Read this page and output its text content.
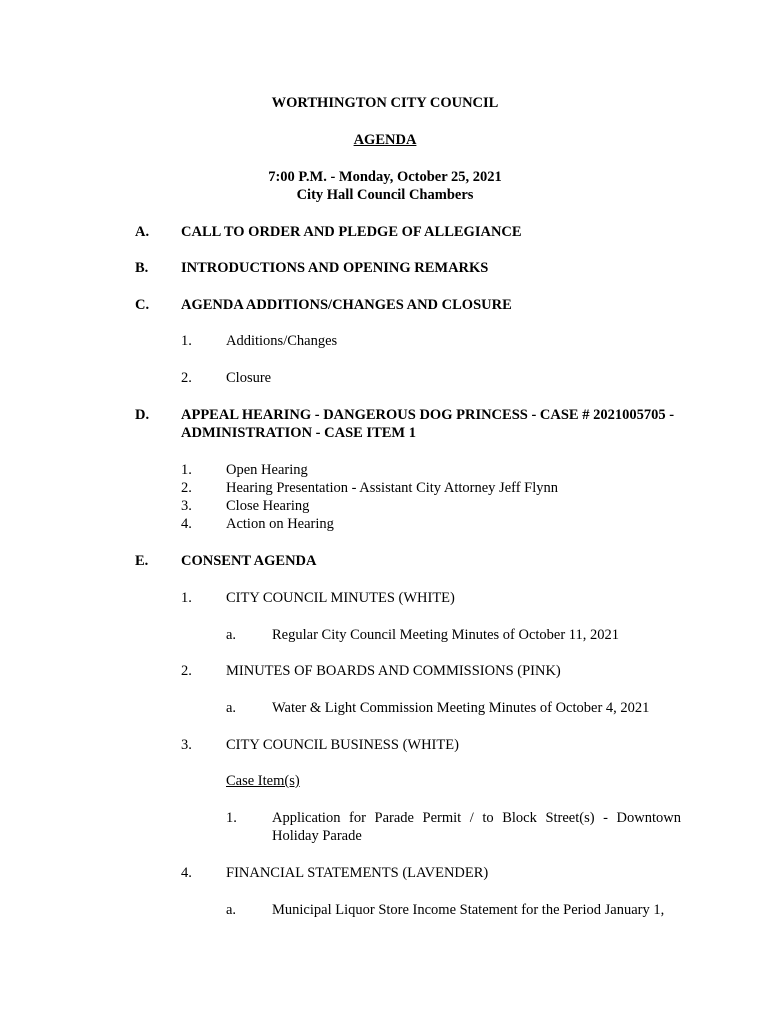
WORTHINGTON CITY COUNCIL
AGENDA
7:00 P.M. - Monday, October 25, 2021
City Hall Council Chambers
A. CALL TO ORDER AND PLEDGE OF ALLEGIANCE
B. INTRODUCTIONS AND OPENING REMARKS
C. AGENDA ADDITIONS/CHANGES AND CLOSURE
1. Additions/Changes
2. Closure
D. APPEAL HEARING - DANGEROUS DOG PRINCESS - CASE # 2021005705 -
ADMINISTRATION - CASE ITEM 1
1. Open Hearing
2. Hearing Presentation - Assistant City Attorney Jeff Flynn
3. Close Hearing
4. Action on Hearing
E. CONSENT AGENDA
1. CITY COUNCIL MINUTES (WHITE)
a. Regular City Council Meeting Minutes of October 11, 2021
2. MINUTES OF BOARDS AND COMMISSIONS (PINK)
a. Water & Light Commission Meeting Minutes of October 4, 2021
3. CITY COUNCIL BUSINESS (WHITE)
Case Item(s)
1. Application for Parade Permit / to Block Street(s) - Downtown
Holiday Parade
4. FINANCIAL STATEMENTS (LAVENDER)
a. Municipal Liquor Store Income Statement for the Period January 1,
